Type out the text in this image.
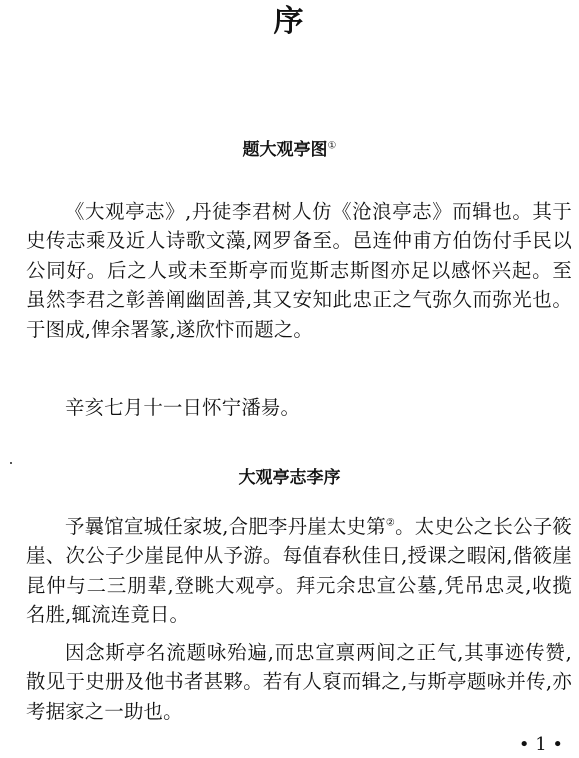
序
题大观亭图①

《大观亭志》,丹徒李君树人仿《沧浪亭志》而辑也。其于史传志乘及近人诗歌文藻,网罗备至。邑连仲甫方伯饬付手民以公同好。后之人或未至斯亭而览斯志斯图亦足以感怀兴起。至虽然李君之彰善阐幽固善,其又安知此忠正之气弥久而弥光也。于图成,俾余署篆,遂欣忭而题之。

辛亥七月十一日怀宁潘昜。

大观亭志李序

予曩馆宣城任家坡,合肥李丹崖太史第②。太史公之长公子筱崖、次公子少崖昆仲从予游。每值春秋佳日,授课之暇闲,偕筱崖昆仲与二三朋辈,登眺大观亭。拜元余忠宣公墓,凭吊忠灵,收揽名胜,辄流连竟日。

因念斯亭名流题咏殆遍,而忠宣禀两间之正气,其事迹传赞,散见于史册及他书者甚夥。若有人裒而辑之,与斯亭题咏并传,亦考据家之一助也。

• 1 •
